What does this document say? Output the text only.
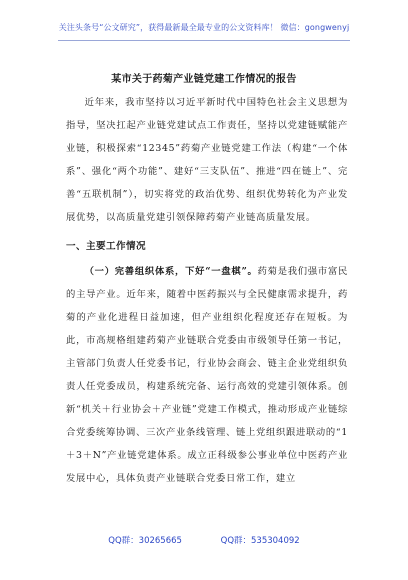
关注头条号“公文研究”，获得最新最全最专业的公文资料库！ 微信：gongwenyj
某市关于药菊产业链党建工作情况的报告

近年来，我市坚持以习近平新时代中国特色社会主义思想为指导，坚决扛起产业链党建试点工作责任，坚持以党建链赋能产业链，积极探索“12345”药菊产业链党建工作法（构建“一个体系”、强化“两个功能”、建好“三支队伍”、推进“四在链上”、完善“五联机制”），切实将党的政治优势、组织优势转化为产业发展优势，以高质量党建引领保障药菊产业链高质量发展。

一、主要工作情况

（一）完善组织体系，下好“一盘棋”。药菊是我们强市富民的主导产业。近年来，随着中医药振兴与全民健康需求提升，药菊的产业化进程日益加速，但产业组织化程度还存在短板。为此，市高规格组建药菊产业链联合党委由市级领导任第一书记，主管部门负责人任党委书记，行业协会商会、链主企业党组织负责人任党委成员，构建系统完备、运行高效的党建引领体系。创新“机关＋行业协会＋产业链”党建工作模式，推动形成产业链综合党委统筹协调、三次产业条线管理、链上党组织跟进联动的“1＋3＋N”产业链党建体系。成立正科级参公事业单位中医药产业发展中心，具体负责产业链联合党委日常工作，建立

QQ群：30265665	QQ群：535304092
